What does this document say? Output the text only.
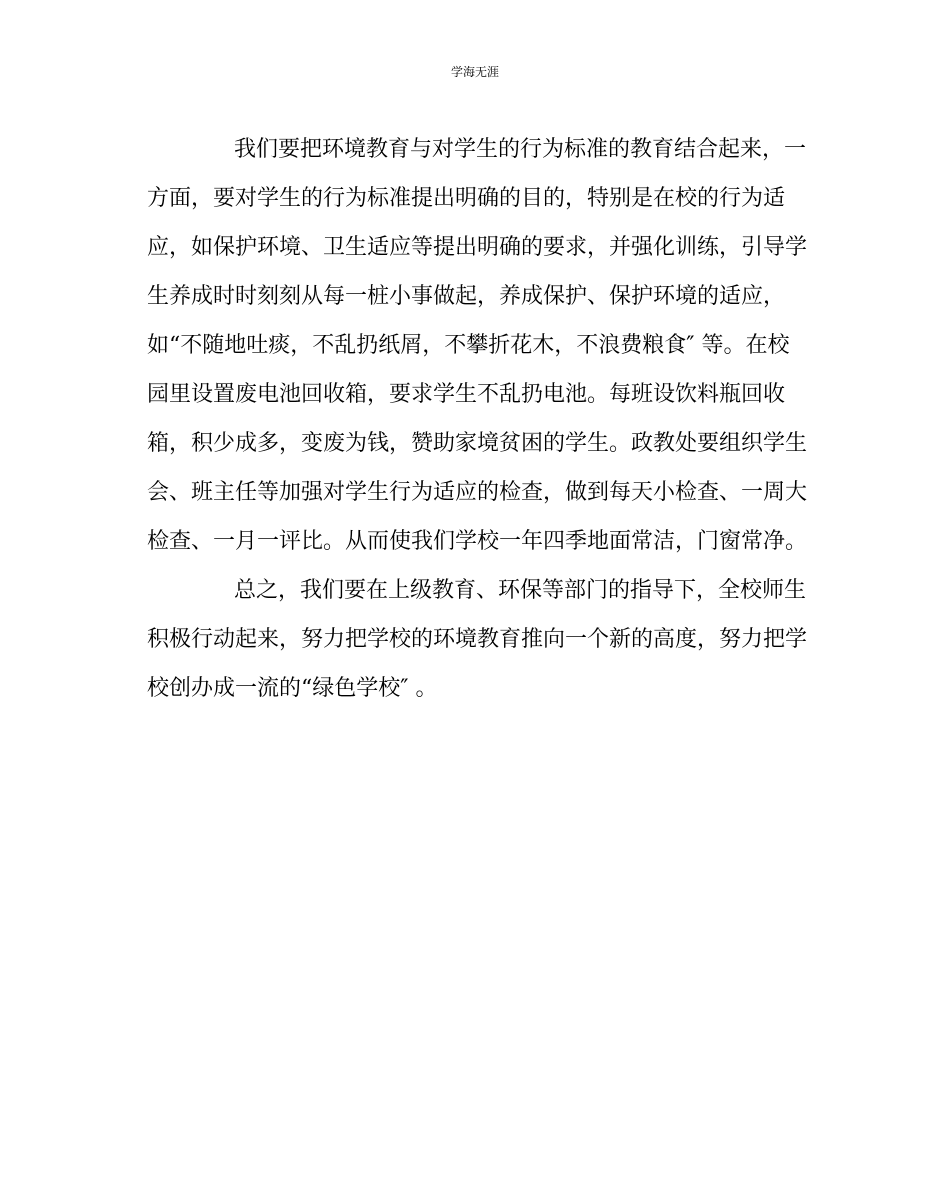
学海无涯
我们要把环境教育与对学生的行为标准的教育结合起来，一
方面，要对学生的行为标准提出明确的目的，特别是在校的行为适
应，如保护环境、卫生适应等提出明确的要求，并强化训练，引导学
生养成时时刻刻从每一桩小事做起，养成保护、保护环境的适应，
如“不随地吐痰，不乱扔纸屑，不攀折花木，不浪费粮食″ 等。在校
园里设置废电池回收箱，要求学生不乱扔电池。每班设饮料瓶回收
箱，积少成多，变废为钱，赞助家境贫困的学生。政教处要组织学生
会、班主任等加强对学生行为适应的检查，做到每天小检查、一周大
检查、一月一评比。从而使我们学校一年四季地面常洁，门窗常净。
总之，我们要在上级教育、环保等部门的指导下，全校师生
积极行动起来，努力把学校的环境教育推向一个新的高度，努力把学
校创办成一流的“绿色学校″ 。
